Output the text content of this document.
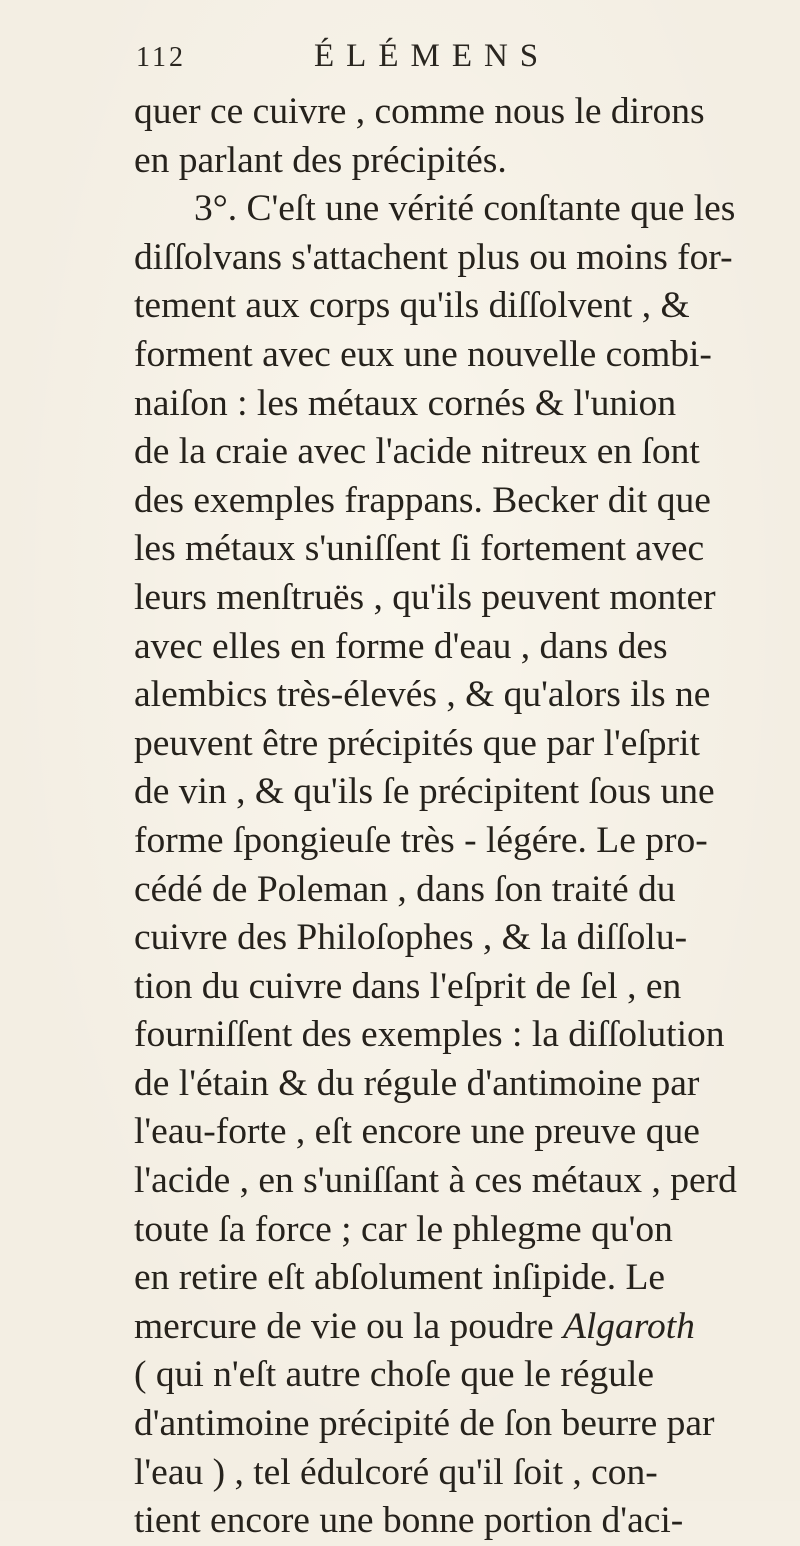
112	ÉLÉMENS
quer ce cuivre , comme nous le dirons
en parlant des précipités.
3°. C'eſt une vérité conſtante que les
diſſolvans s'attachent plus ou moins for-
tement aux corps qu'ils diſſolvent , &
forment avec eux une nouvelle combi-
naiſon : les métaux cornés & l'union
de la craie avec l'acide nitreux en ſont
des exemples frappans. Becker dit que
les métaux s'uniſſent ſi fortement avec
leurs menſtruës , qu'ils peuvent monter
avec elles en forme d'eau , dans des
alembics très-élevés , & qu'alors ils ne
peuvent être précipités que par l'eſprit
de vin , & qu'ils ſe précipitent ſous une
forme ſpongieuſe très - légére. Le pro-
cédé de Poleman , dans ſon traité du
cuivre des Philoſophes , & la diſſolu-
tion du cuivre dans l'eſprit de ſel , en
fourniſſent des exemples : la diſſolution
de l'étain & du régule d'antimoine par
l'eau-forte , eſt encore une preuve que
l'acide , en s'uniſſant à ces métaux , perd
toute ſa force ; car le phlegme qu'on
en retire eſt abſolument inſipide. Le
mercure de vie ou la poudre Algaroth
( qui n'eſt autre choſe que le régule
d'antimoine précipité de ſon beurre par
l'eau ) , tel édulcoré qu'il ſoit , con-
tient encore une bonne portion d'aci-
